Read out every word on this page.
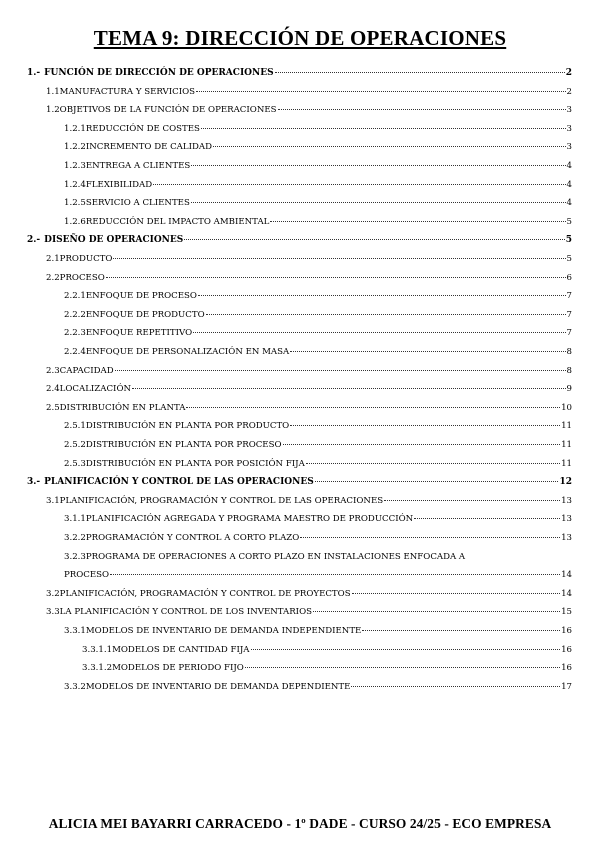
TEMA 9: DIRECCIÓN DE OPERACIONES
1.- FUNCIÓN DE DIRECCIÓN DE OPERACIONES	2
1.1 MANUFACTURA Y SERVICIOS	2
1.2 OBJETIVOS DE LA FUNCIÓN DE OPERACIONES	3
1.2.1 REDUCCIÓN DE COSTES	3
1.2.2 INCREMENTO DE CALIDAD	3
1.2.3 ENTREGA A CLIENTES	4
1.2.4 FLEXIBILIDAD	4
1.2.5 SERVICIO A CLIENTES	4
1.2.6 REDUCCIÓN DEL IMPACTO AMBIENTAL	5
2.- DISEÑO DE OPERACIONES	5
2.1 PRODUCTO	5
2.2 PROCESO	6
2.2.1 ENFOQUE DE PROCESO	7
2.2.2 ENFOQUE DE PRODUCTO	7
2.2.3 ENFOQUE REPETITIVO	7
2.2.4 ENFOQUE DE PERSONALIZACIÓN EN MASA	8
2.3 CAPACIDAD	8
2.4 LOCALIZACIÓN	9
2.5 DISTRIBUCIÓN EN PLANTA	10
2.5.1 DISTRIBUCIÓN EN PLANTA POR PRODUCTO	11
2.5.2 DISTRIBUCIÓN EN PLANTA POR PROCESO	11
2.5.3 DISTRIBUCIÓN EN PLANTA POR POSICIÓN FIJA	11
3.- PLANIFICACIÓN Y CONTROL DE LAS OPERACIONES	12
3.1 PLANIFICACIÓN, PROGRAMACIÓN Y CONTROL DE LAS OPERACIONES	13
3.1.1 PLANIFICACIÓN AGREGADA Y PROGRAMA MAESTRO DE PRODUCCIÓN	13
3.2.2 PROGRAMACIÓN Y CONTROL A CORTO PLAZO	13
3.2.3 PROGRAMA DE OPERACIONES A CORTO PLAZO EN INSTALACIONES ENFOCADA A
PROCESO	14
3.2 PLANIFICACIÓN, PROGRAMACIÓN Y CONTROL DE PROYECTOS	14
3.3 LA PLANIFICACIÓN Y CONTROL DE LOS INVENTARIOS	15
3.3.1 MODELOS DE INVENTARIO DE DEMANDA INDEPENDIENTE	16
3.3.1.1 MODELOS DE CANTIDAD FIJA	16
3.3.1.2 MODELOS DE PERIODO FIJO	16
3.3.2 MODELOS DE INVENTARIO DE DEMANDA DEPENDIENTE	17
ALICIA MEI BAYARRI CARRACEDO - 1º DADE - CURSO 24/25 - ECO EMPRESA
